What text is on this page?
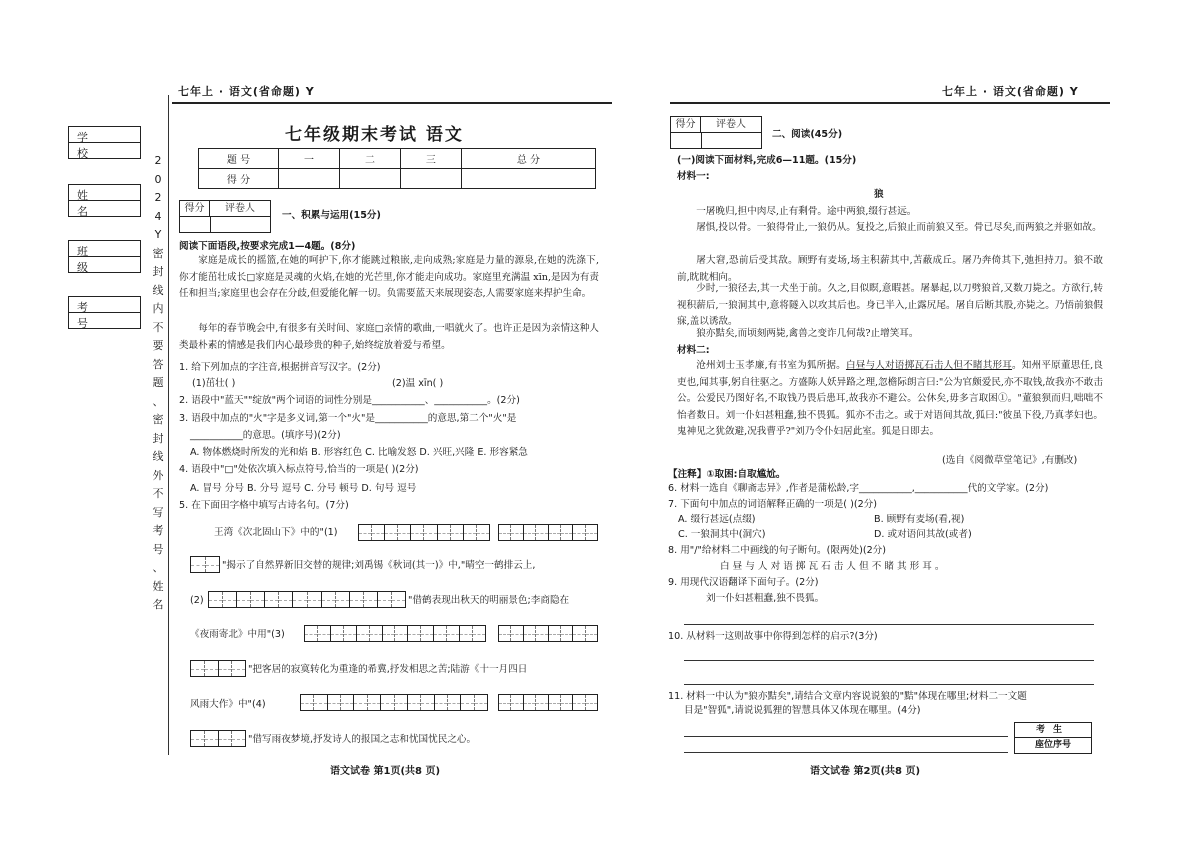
七年上 · 语文(省命题) Y	七年上 · 语文(省命题) Y
学 校
姓 名
班 级
考 号
2
0
2
4
Y
密
封
线
内
不
要
答
题
、
密
封
线
外
不
写
考
号
、
姓
名
七年级期末考试 语文
题 号	一	二	三	总 分
得 分				
得分	评卷人
一、积累与运用(15分)
阅读下面语段,按要求完成1—4题。(8分)
家庭是成长的摇篮,在她的呵护下,你才能跳过粮嵌,走向成熟;家庭是力量的源泉,在她的洗涤下,你才能茁壮成长□家庭是灵魂的火焰,在她的光芒里,你才能走向成功。家庭里充满温 xīn,是因为有责任和担当;家庭里也会存在分歧,但爱能化解一切。负需要蓝天来展现姿态,人需要家庭来捍护生命。
每年的春节晚会中,有很多有关时间、家庭□亲情的歌曲,一唱就火了。也许正是因为亲情这种人类最朴素的情感是我们内心最珍贵的种子,始终绽放着爱与希望。
1. 给下列加点的字注音,根据拼音写汉字。(2分)
(1)茁壮( )	(2)温 xīn( )
2. 语段中"蓝天""绽放"两个词语的词性分别是___________、___________。(2分)
3. 语段中加点的"火"字是多义词,第一个"火"是___________的意思,第二个"火"是
___________的意思。(填序号)(2分)
A. 物体燃烧时所发的光和焰 B. 形容红色 C. 比喻发怒 D. 兴旺,兴隆 E. 形容紧急
4. 语段中"□"处依次填入标点符号,恰当的一项是( )(2分)
A. 冒号 分号 B. 分号 逗号 C. 分号 顿号 D. 句号 逗号
5. 在下面田字格中填写古诗名句。(7分)
王湾《次北固山下》中的"(1)
"揭示了自然界新旧交替的规律;刘禹锡《秋词(其一)》中,"晴空一鹤排云上,
(2)	"借鹤表现出秋天的明丽景色;李商隐在
《夜雨寄北》中用"(3)
"把客居的寂寞转化为重逢的希冀,抒发相思之苦;陆游《十一月四日
风雨大作》中"(4)
"借写雨夜梦境,抒发诗人的报国之志和忧国忧民之心。
语文试卷 第1页(共8 页)
得分	评卷人
二、阅读(45分)
(一)阅读下面材料,完成6—11题。(15分)
材料一:
狼
一屠晚归,担中肉尽,止有剩骨。途中两狼,缀行甚远。
屠惧,投以骨。一狼得骨止,一狼仍从。复投之,后狼止而前狼又至。骨已尽矣,而两狼之并驱如故。
屠大窘,恐前后受其敌。顾野有麦场,场主积薪其中,苫蔽成丘。屠乃奔倚其下,弛担持刀。狼不敢前,眈眈相向。
少时,一狼径去,其一犬坐于前。久之,目似瞑,意暇甚。屠暴起,以刀劈狼首,又数刀毙之。方欲行,转视积薪后,一狼洞其中,意将隧入以攻其后也。身已半入,止露尻尾。屠自后断其股,亦毙之。乃悟前狼假寐,盖以诱敌。
狼亦黠矣,而顷刻两毙,禽兽之变诈几何哉?止增笑耳。
材料二:
沧州刘士玉孝廉,有书室为狐所据。白昼与人对语掷瓦石击人但不睹其形耳。知州平原董思任,良吏也,闻其事,躬自往驱之。方盛陈人妖异路之理,忽檐际朗言曰:"公为官颇爱民,亦不取钱,故我亦不敢击公。公爱民乃图好名,不取钱乃畏后患耳,故我亦不避公。公休矣,毋多言取困①。"董狼狈而归,咄咄不怡者数日。刘一仆妇甚粗蠢,独不畏狐。狐亦不击之。或于对语间其故,狐曰:"彼虽下役,乃真孝妇也。鬼神见之犹敛避,况我曹乎?"刘乃令仆妇居此室。狐是日即去。
(选自《阅微草堂笔记》,有删改)
【注释】①取困:自取尴尬。
6. 材料一选自《聊斋志异》,作者是蒲松龄,字___________,___________代的文学家。(2分)
7. 下面句中加点的词语解释正确的一项是( )(2分)
A. 缀行甚远(点缀)	B. 顾野有麦场(看,视)
C. 一狼洞其中(洞穴)	D. 或对语问其故(或者)
8. 用"/"给材料二中画线的句子断句。(限两处)(2分)
白 昼 与 人 对 语 掷 瓦 石 击 人 但 不 睹 其 形 耳 。
9. 用现代汉语翻译下面句子。(2分)
刘一仆妇甚粗蠢,独不畏狐。
10. 从材料一这则故事中你得到怎样的启示?(3分)
11. 材料一中认为"狼亦黠矣",请结合文章内容说说狼的"黠"体现在哪里;材料二一文题
目是"智狐",请说说狐狸的智慧具体又体现在哪里。(4分)
考生
座位序号
语文试卷 第2页(共8 页)
